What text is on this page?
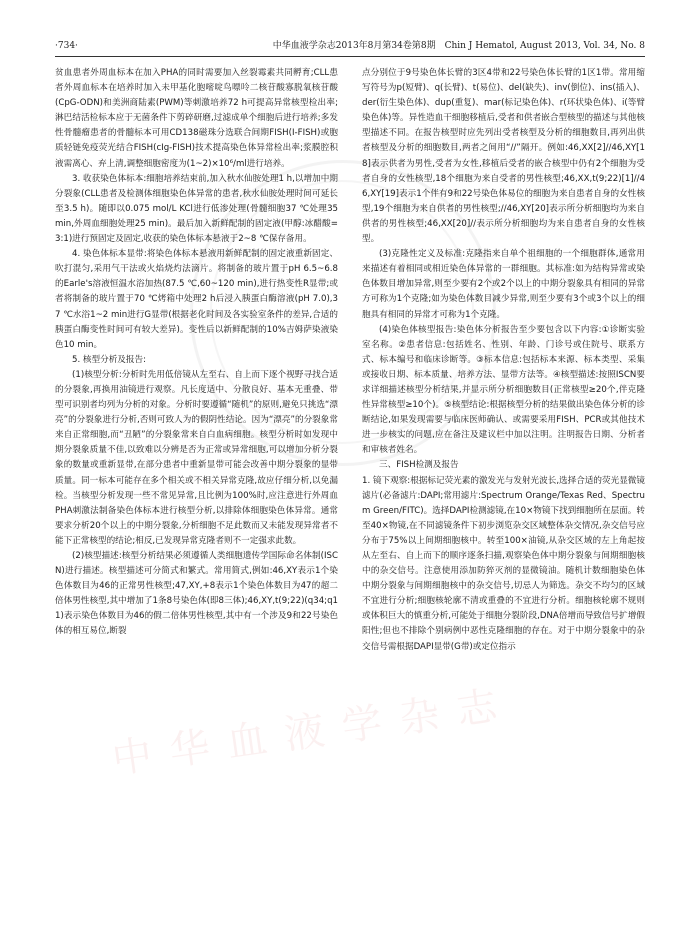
中华血液学杂志
·734·	中华血液学杂志2013年8月第34卷第8期　Chin J Hematol, August 2013, Vol. 34, No. 8

贫血患者外周血标本在加入PHA的同时需要加入丝裂霉素共同孵育;CLL患者外周血标本在培养时加入未甲基化胞嘧啶鸟嘌呤二核苷酸寡脱氧核苷酸(CpG-ODN)和美洲商陆素(PWM)等刺激培养72 h可提高异常核型检出率;淋巴结活检标本应于无菌条件下剪碎研磨,过滤成单个细胞后进行培养;多发性骨髓瘤患者的骨髓标本可用CD138磁珠分选联合间期FISH(I-FISH)或胞质轻链免疫荧光结合FISH(cIg-FISH)技术提高染色体异常检出率;浆膜腔积液需离心、弃上清,调整细胞密度为(1~2)×10⁶/ml进行培养。

3. 收获染色体标本:细胞培养结束前,加入秋水仙胺处理1 h,以增加中期分裂象(CLL患者及检测体细胞染色体异常的患者,秋水仙胺处理时间可延长至3.5 h)。随即以0.075 mol/L KCl进行低渗处理(骨髓细胞37 ℃处理35 min,外周血细胞处理25 min)。最后加入新鲜配制的固定液(甲醇:冰醋酸=3:1)进行预固定及固定,收获的染色体标本悬液于2~8 ℃保存备用。

4. 染色体标本显带:将染色体标本悬液用新鲜配制的固定液重新固定、吹打混匀,采用气干法或火焰烧灼法滴片。将制备的玻片置于pH 6.5~6.8的Earle's溶液恒温水浴加热(87.5 ℃,60~120 min),进行热变性R显带;或者将制备的玻片置于70 ℃烤箱中处理2 h后浸入胰蛋白酶溶液(pH 7.0),37 ℃水浴1~2 min进行G显带(根据老化时间及各实验室条件的差异,合适的胰蛋白酶变性时间可有较大差异)。变性后以新鲜配制的10%吉姆萨染液染色10 min。

5. 核型分析及报告:

(1)核型分析:分析时先用低倍镜从左至右、自上而下逐个视野寻找合适的分裂象,再换用油镜进行观察。凡长度适中、分散良好、基本无重叠、带型可识别者均列为分析的对象。分析时要遵循“随机”的原则,避免只挑选“漂亮”的分裂象进行分析,否则可致人为的假阴性结论。因为“漂亮”的分裂象常来自正常细胞,而“丑陋”的分裂象常来自白血病细胞。核型分析时如发现中期分裂象质量不佳,以致难以分辨是否为正常或异常细胞,可以增加分析分裂象的数量或重新显带,在部分患者中重新显带可能会改善中期分裂象的显带质量。同一标本可能存在多个相关或不相关异常克隆,故应仔细分析,以免漏检。当核型分析发现一些不常见异常,且比例为100%时,应注意进行外周血PHA刺激法制备染色体标本进行核型分析,以排除体细胞染色体异常。通常要求分析20个以上的中期分裂象,分析细胞不足此数而又未能发现异常者不能下正常核型的结论;相反,已发现异常克隆者则不一定强求此数。

(2)核型描述:核型分析结果必须遵循人类细胞遗传学国际命名体制(ISCN)进行描述。核型描述可分简式和繁式。常用简式,例如:46,XY表示1个染色体数目为46的正常男性核型;47,XY,+8表示1个染色体数目为47的超二倍体男性核型,其中增加了1条8号染色体(即8三体);46,XY,t(9;22)(q34;q11)表示染色体数目为46的假二倍体男性核型,其中有一个涉及9和22号染色体的相互易位,断裂

点分别位于9号染色体长臂的3区4带和22号染色体长臂的1区1带。常用缩写符号为p(短臂)、q(长臂)、t(易位)、del(缺失)、inv(倒位)、ins(插入)、der(衍生染色体)、dup(重复)、mar(标记染色体)、r(环状染色体)、i(等臂染色体)等。异性造血干细胞移植后,受者和供者嵌合型核型的描述与其他核型描述不同。在报告核型时应先列出受者核型及分析的细胞数目,再列出供者核型及分析的细胞数目,两者之间用“//”隔开。例如:46,XX[2]//46,XY[18]表示供者为男性,受者为女性,移植后受者的嵌合核型中仍有2个细胞为受者自身的女性核型,18个细胞为来自受者的男性核型;46,XX,t(9;22)[1]//46,XY[19]表示1个伴有9和22号染色体易位的细胞为来自患者自身的女性核型,19个细胞为来自供者的男性核型;//46,XY[20]表示所分析细胞均为来自供者的男性核型;46,XX[20]//表示所分析细胞均为来自患者自身的女性核型。

(3)克隆性定义及标准:克隆指来自单个祖细胞的一个细胞群体,通常用来描述有着相同或相近染色体异常的一群细胞。其标准:如为结构异常或染色体数目增加异常,则至少要有2个或2个以上的中期分裂象具有相同的异常方可称为1个克隆;如为染色体数目减少异常,则至少要有3个或3个以上的细胞具有相同的异常才可称为1个克隆。

(4)染色体核型报告:染色体分析报告至少要包含以下内容:①诊断实验室名称。②患者信息:包括姓名、性别、年龄、门诊号或住院号、联系方式、标本编号和临床诊断等。③标本信息:包括标本来源、标本类型、采集或接收日期、标本质量、培养方法、显带方法等。④核型描述:按照ISCN要求详细描述核型分析结果,并显示所分析细胞数目(正常核型≥20个,伴克隆性异常核型≥10个)。⑤核型结论:根据核型分析的结果做出染色体分析的诊断结论,如果发现需要与临床医师确认、或需要采用FISH、PCR或其他技术进一步核实的问题,应在备注及建议栏中加以注明。注明报告日期、分析者和审核者姓名。

三、FISH检测及报告

1. 镜下观察:根据标记荧光素的激发光与发射光波长,选择合适的荧光显微镜滤片(必备滤片:DAPI;常用滤片:Spectrum Orange/Texas Red、Spectrum Green/FITC)。选择DAPI检测滤镜,在10×物镜下找到细胞所在层面。转至40×物镜,在不同滤镜条件下初步浏览杂交区域整体杂交情况,杂交信号应分布于75%以上间期细胞核中。转至100×油镜,从杂交区域的左上角起按从左至右、自上而下的顺序逐条扫描,观察染色体中期分裂象与间期细胞核中的杂交信号。注意使用添加防猝灭剂的显微镜油。随机计数细胞染色体中期分裂象与间期细胞核中的杂交信号,切忌人为筛选。杂交不均匀的区域不宜进行分析;细胞核轮廓不清或重叠的不宜进行分析。细胞核轮廓不规则或体积巨大的慎重分析,可能处于细胞分裂阶段,DNA倍增而导致信号扩增假阳性;但也不排除个别病例中恶性克隆细胞的存在。对于中期分裂象中的杂交信号需根据DAPI显带(G带)或定位指示
